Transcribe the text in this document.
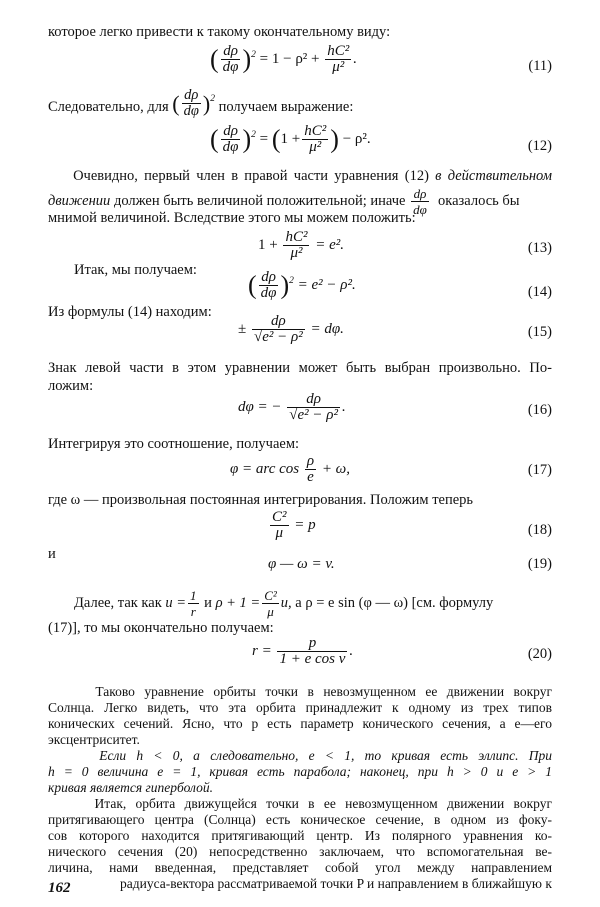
которое легко привести к такому окончательному виду:
( $\frac{d\rho}{d\varphi} )^2 = 1 - \rho^2 + \frac{\text{hC²}}{\text{μ²}}$ .	(11)
Следовательно, для ( $\frac{d\rho}{d\varphi} )^2$ получаем выражение:
( $\frac{d\rho}{d\varphi} )^2 = (1 + \frac{\text{hC²}}{\text{μ²}}$ ) − ρ².	(12)
Очевидно, первый член в правой части уравнения (12) в действительном
движении должен быть величиной положительной; иначе $\frac{d\rho}{d\varphi}$ оказалось бы
мнимой величиной. Вследствие этого мы можем положить:
$1 + \frac{\text{hC²}}{\text{μ²}} = e^2$.	(13)
Итак, мы получаем:
( $\frac{d\rho}{d\varphi} )^2 = e^2 - \rho^2$.	(14)
Из формулы (14) находим:
± $\frac{d\rho}{\text{√e² − ρ²}} = d\varphi$.	(15)
Знак левой части в этом уравнении может быть выбран произвольно. По-
ложим:
dφ = − $\frac{d\rho}{\text{√e² − ρ²}}$ .	(16)
Интегрируя это соотношение, получаем:
φ = arc $\cos \frac{\rho}{e} + \omega$,	(17)
где ω — произвольная постоянная интегрирования. Положим теперь
$\frac{\text{C²}}{\mu} = p$	(18)
и
φ — ω = v.	(19)
Далее, так как $u = \frac{1}{r}$ и $\rho + 1 = \frac{\text{C²}}{\mu} u$, а ρ = e sin (φ — ω) [см. формулу
(17)], то мы окончательно получаем:
$r = \frac{p}{\text{1 + e cos v}}$ .	(20)
Таково уравнение орбиты точки в невозмущенном ее движении вокруг
Солнца. Легко видеть, что эта орбита принадлежит к одному из трех типов
конических сечений. Ясно, что p есть параметр конического сечения, а e—его
эксцентриситет.
Если h < 0, а следовательно, e < 1, то кривая есть эллипс. При
h = 0 величина e = 1, кривая есть парабола; наконец, при h > 0 и e > 1
кривая является гиперболой.
Итак, орбита движущейся точки в ее невозмущенном движении вокруг
притягивающего центра (Солнца) есть коническое сечение, в одном из фоку-
сов которого находится притягивающий центр. Из полярного уравнения ко-
нического сечения (20) непосредственно заключаем, что вспомогательная ве-
личина, нами введенная, представляет собой угол между направлением
радиуса-вектора рассматриваемой точки P и направлением в ближайшую к
162
